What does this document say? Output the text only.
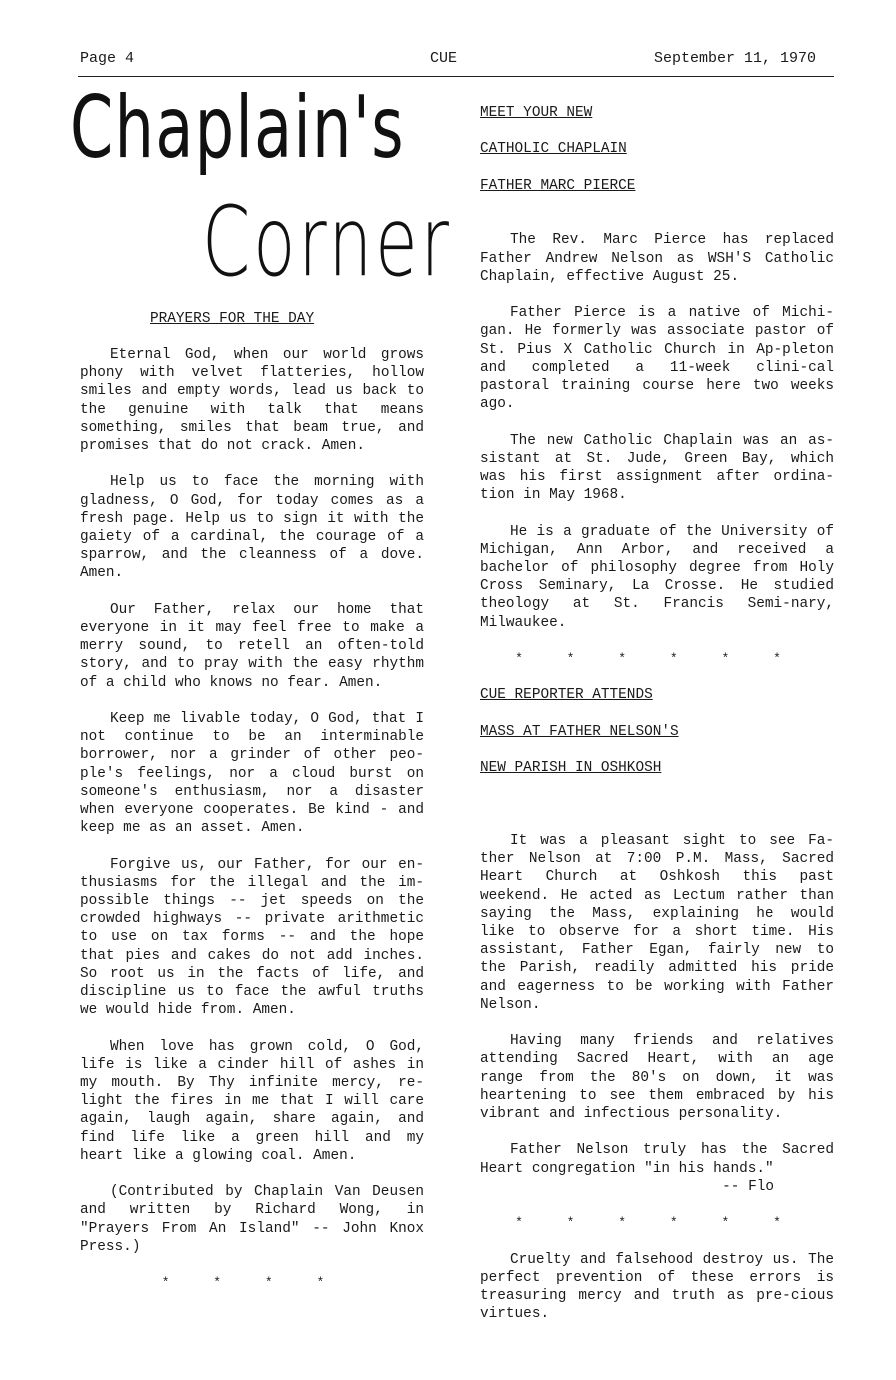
Page 4	CUE	September 11, 1970
Chaplain's
Corner
PRAYERS FOR THE DAY

Eternal God, when our world grows phony with velvet flatteries, hollow smiles and empty words, lead us back to the genuine with talk that means something, smiles that beam true, and promises that do not crack. Amen.

Help us to face the morning with gladness, O God, for today comes as a fresh page. Help us to sign it with the gaiety of a cardinal, the courage of a sparrow, and the cleanness of a dove. Amen.

Our Father, relax our home that everyone in it may feel free to make a merry sound, to retell an often-told story, and to pray with the easy rhythm of a child who knows no fear. Amen.

Keep me livable today, O God, that I not continue to be an interminable borrower, nor a grinder of other peo-ple's feelings, nor a cloud burst on someone's enthusiasm, nor a disaster when everyone cooperates. Be kind - and keep me as an asset. Amen.

Forgive us, our Father, for our en-thusiasms for the illegal and the im-possible things -- jet speeds on the crowded highways -- private arithmetic to use on tax forms -- and the hope that pies and cakes do not add inches. So root us in the facts of life, and discipline us to face the awful truths we would hide from. Amen.

When love has grown cold, O God, life is like a cinder hill of ashes in my mouth. By Thy infinite mercy, re-light the fires in me that I will care again, laugh again, share again, and find life like a green hill and my heart like a glowing coal. Amen.

(Contributed by Chaplain Van Deusen and written by Richard Wong, in "Prayers From An Island" -- John Knox Press.)

* * * *
MEET YOUR NEW
CATHOLIC CHAPLAIN
FATHER MARC PIERCE

The Rev. Marc Pierce has replaced Father Andrew Nelson as WSH'S Catholic Chaplain, effective August 25.

Father Pierce is a native of Michi-gan. He formerly was associate pastor of St. Pius X Catholic Church in Ap-pleton and completed a 11-week clini-cal pastoral training course here two weeks ago.

The new Catholic Chaplain was an as-sistant at St. Jude, Green Bay, which was his first assignment after ordina-tion in May 1968.

He is a graduate of the University of Michigan, Ann Arbor, and received a bachelor of philosophy degree from Holy Cross Seminary, La Crosse. He studied theology at St. Francis Semi-nary, Milwaukee.

* * * * * *
CUE REPORTER ATTENDS
MASS AT FATHER NELSON'S
NEW PARISH IN OSHKOSH

It was a pleasant sight to see Fa-ther Nelson at 7:00 P.M. Mass, Sacred Heart Church at Oshkosh this past weekend. He acted as Lectum rather than saying the Mass, explaining he would like to observe for a short time. His assistant, Father Egan, fairly new to the Parish, readily admitted his pride and eagerness to be working with Father Nelson.

Having many friends and relatives attending Sacred Heart, with an age range from the 80's on down, it was heartening to see them embraced by his vibrant and infectious personality.

Father Nelson truly has the Sacred Heart congregation "in his hands."

-- Flo
* * * * * *

Cruelty and falsehood destroy us. The perfect prevention of these errors is treasuring mercy and truth as pre-cious virtues.
